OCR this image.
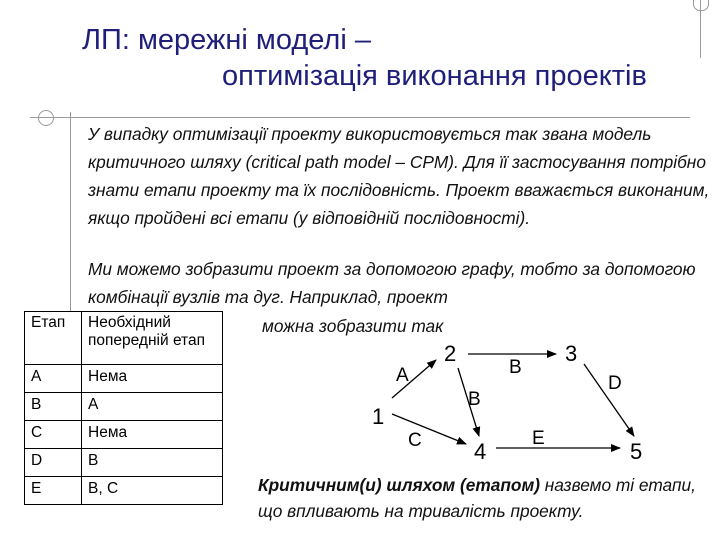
ЛП: мережні моделі –
оптимізація виконання проектів
У випадку оптимізації проекту використовується так звана модель критичного шляху (critical path model – CPM). Для її застосування потрібно знати етапи проекту та їх послідовність. Проект вважається виконаним, якщо пройдені всі етапи (у відповідній послідовності).
Ми можемо зобразити проект за допомогою графу, тобто за допомогою комбінації вузлів та дуг. Наприклад, проект
можна зобразити так
Етап	Необхідний попередній етап
A	Нема
B	A
C	Нема
D	B
E	B, C
1
2	3
4	5
A	B
B
C	E
D
Критичним(и) шляхом (етапом) назвемо ті етапи, що впливають на тривалість проекту.
